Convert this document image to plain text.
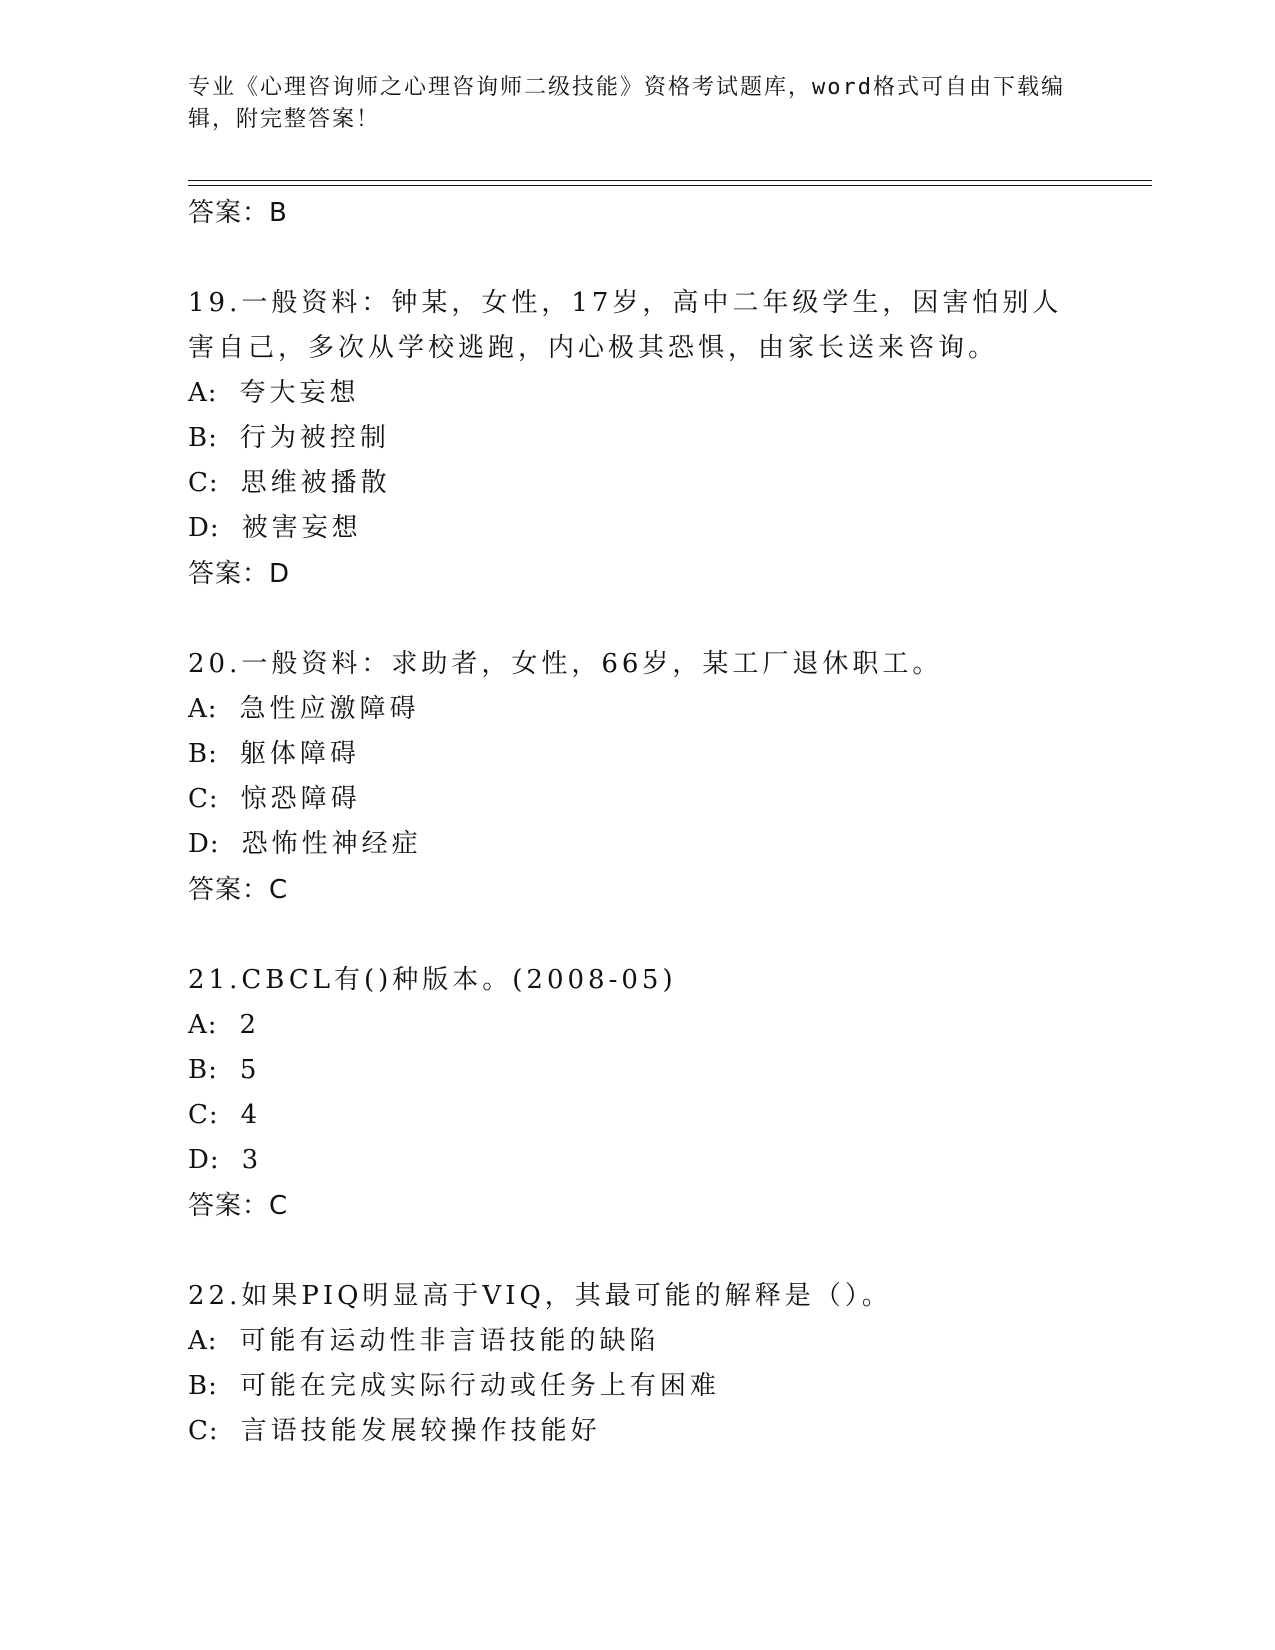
专业《心理咨询师之心理咨询师二级技能》资格考试题库，word格式可自由下载编辑，附完整答案！
答案：B
19.一般资料：钟某，女性，17岁，高中二年级学生，因害怕别人害自己，多次从学校逃跑，内心极其恐惧，由家长送来咨询。
A: 夸大妄想
B: 行为被控制
C: 思维被播散
D: 被害妄想
答案：D
20.一般资料：求助者，女性，66岁，某工厂退休职工。
A: 急性应激障碍
B: 躯体障碍
C: 惊恐障碍
D: 恐怖性神经症
答案：C
21.CBCL有()种版本。(2008-05)
A: 2
B: 5
C: 4
D: 3
答案：C
22.如果PIQ明显高于VIQ，其最可能的解释是（）。
A: 可能有运动性非言语技能的缺陷
B: 可能在完成实际行动或任务上有困难
C: 言语技能发展较操作技能好
